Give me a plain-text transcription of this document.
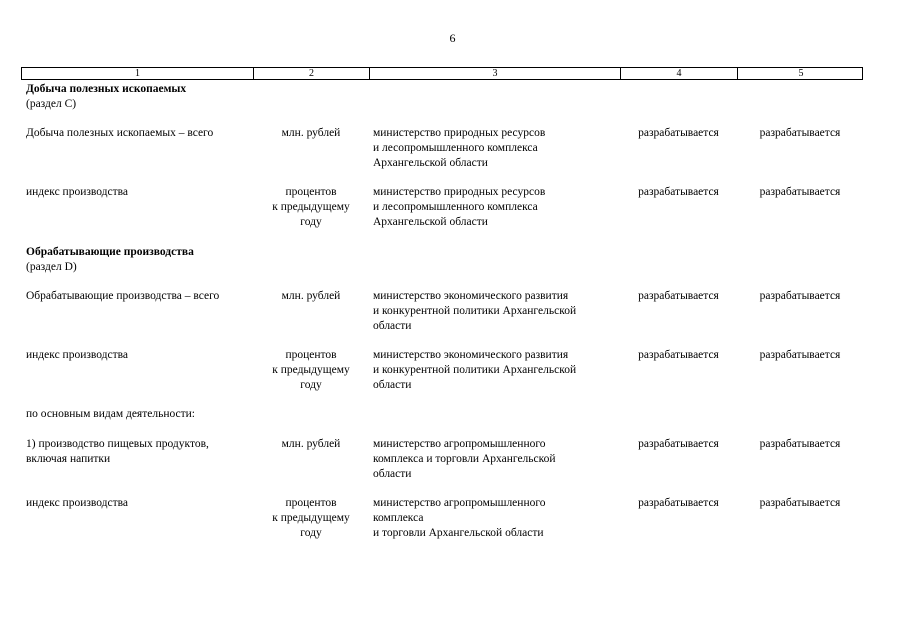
6
1	2	3	4	5
Добыча полезных ископаемых
(раздел С)
Добыча полезных ископаемых – всего	млн. рублей	министерство природных ресурсов
и лесопромышленного комплекса
Архангельской области
разрабатывается	разрабатывается
индекс производства	процентов
к предыдущему
году
министерство природных ресурсов
и лесопромышленного комплекса
Архангельской области
разрабатывается	разрабатывается
Обрабатывающие производства
(раздел D)
Обрабатывающие производства – всего	млн. рублей	министерство экономического развития
и конкурентной политики Архангельской
области
разрабатывается	разрабатывается
индекс производства	процентов
к предыдущему
году
министерство экономического развития
и конкурентной политики Архангельской
области
разрабатывается	разрабатывается
по основным видам деятельности:
1) производство пищевых продуктов,
включая напитки
млн. рублей	министерство агропромышленного
комплекса и торговли Архангельской
области
разрабатывается	разрабатывается
индекс производства	процентов
к предыдущему
году
министерство агропромышленного
комплекса
и торговли Архангельской области
разрабатывается	разрабатывается
